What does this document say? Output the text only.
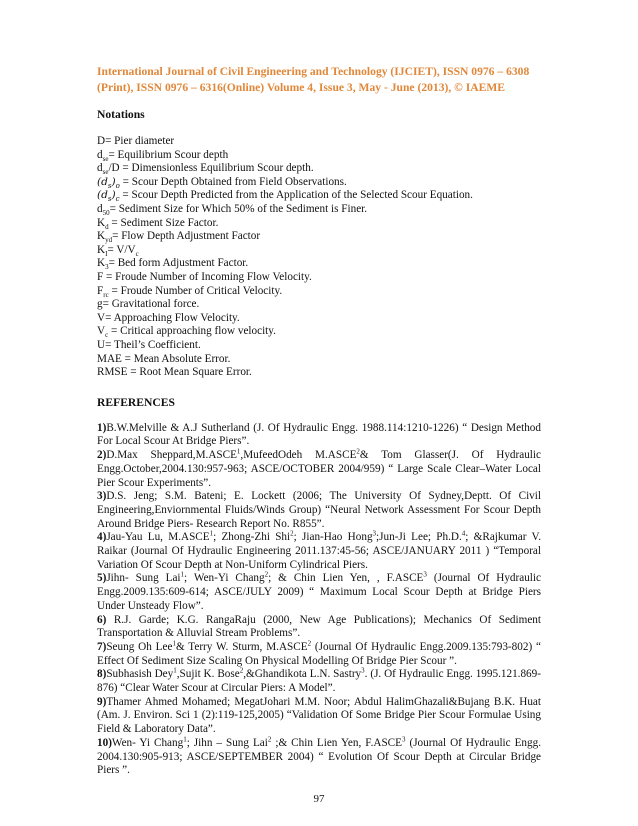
International Journal of Civil Engineering and Technology (IJCIET), ISSN 0976 – 6308 (Print), ISSN 0976 – 6316(Online) Volume 4, Issue 3, May - June (2013), © IAEME
Notations
D= Pier diameter
$d_{se}=$ Equilibrium Scour depth
$d_{se}/D$ = Dimensionless Equilibrium Scour depth.
$(d_s)_o$ = Scour Depth Obtained from Field Observations.
$(d_s)_c$ = Scour Depth Predicted from the Application of the Selected Scour Equation.
$d_{50}=$ Sediment Size for Which 50% of the Sediment is Finer.
$K_d$ = Sediment Size Factor.
$K_{yd}=$ Flow Depth Adjustment Factor
$K_I= V/V_c$
$K_3=$ Bed form Adjustment Factor.
F = Froude Number of Incoming Flow Velocity.
$F_{rc}$ = Froude Number of Critical Velocity.
g= Gravitational force.
V= Approaching Flow Velocity.
$V_c$ = Critical approaching flow velocity.
U= Theil’s Coefficient.
MAE = Mean Absolute Error.
RMSE = Root Mean Square Error.
REFERENCES

1)B.W.Melville & A.J Sutherland (J. Of Hydraulic Engg. 1988.114:1210-1226) “ Design Method For Local Scour At Bridge Piers”.

2)D.Max Sheppard,M.ASCE$^1$,MufeedOdeh M.ASCE$^2$& Tom Glasser(J. Of Hydraulic Engg.October,2004.130:957-963; ASCE/OCTOBER 2004/959) “ Large Scale Clear–Water Local Pier Scour Experiments”.

3)D.S. Jeng; S.M. Bateni; E. Lockett (2006; The University Of Sydney,Deptt. Of Civil Engineering,Enviornmental Fluids/Winds Group) “Neural Network Assessment For Scour Depth Around Bridge Piers- Research Report No. R855”.

4)Jau-Yau Lu, M.ASCE$^1$; Zhong-Zhi Shi$^2$; Jian-Hao Hong$^3$;Jun-Ji Lee; Ph.D.$^4$; &Rajkumar V. Raikar (Journal Of Hydraulic Engineering 2011.137:45-56; ASCE/JANUARY 2011 ) “Temporal Variation Of Scour Depth at Non-Uniform Cylindrical Piers.

5)Jihn- Sung Lai$^1$; Wen-Yi Chang$^2$; & Chin Lien Yen, , F.ASCE$^3$ (Journal Of Hydraulic Engg.2009.135:609-614; ASCE/JULY 2009) “ Maximum Local Scour Depth at Bridge Piers Under Unsteady Flow”.

6) R.J. Garde; K.G. RangaRaju (2000, New Age Publications); Mechanics Of Sediment Transportation & Alluvial Stream Problems”.

7)Seung Oh Lee$^1$& Terry W. Sturm, M.ASCE$^2$ (Journal Of Hydraulic Engg.2009.135:793-802) “ Effect Of Sediment Size Scaling On Physical Modelling Of Bridge Pier Scour ”.

8)Subhasish Dey$^1$,Sujit K. Bose$^2$,&Ghandikota L.N. Sastry$^3$. (J. Of Hydraulic Engg. 1995.121.869-876) “Clear Water Scour at Circular Piers: A Model”.

9)Thamer Ahmed Mohamed; MegatJohari M.M. Noor; Abdul HalimGhazali&Bujang B.K. Huat (Am. J. Environ. Sci 1 (2):119-125,2005) “Validation Of Some Bridge Pier Scour Formulae Using Field & Laboratory Data”.

10)Wen- Yi Chang$^1$; Jihn – Sung Lai$^2$ ;& Chin Lien Yen, F.ASCE$^3$ (Journal Of Hydraulic Engg. 2004.130:905-913; ASCE/SEPTEMBER 2004) “ Evolution Of Scour Depth at Circular Bridge Piers ”.

97
